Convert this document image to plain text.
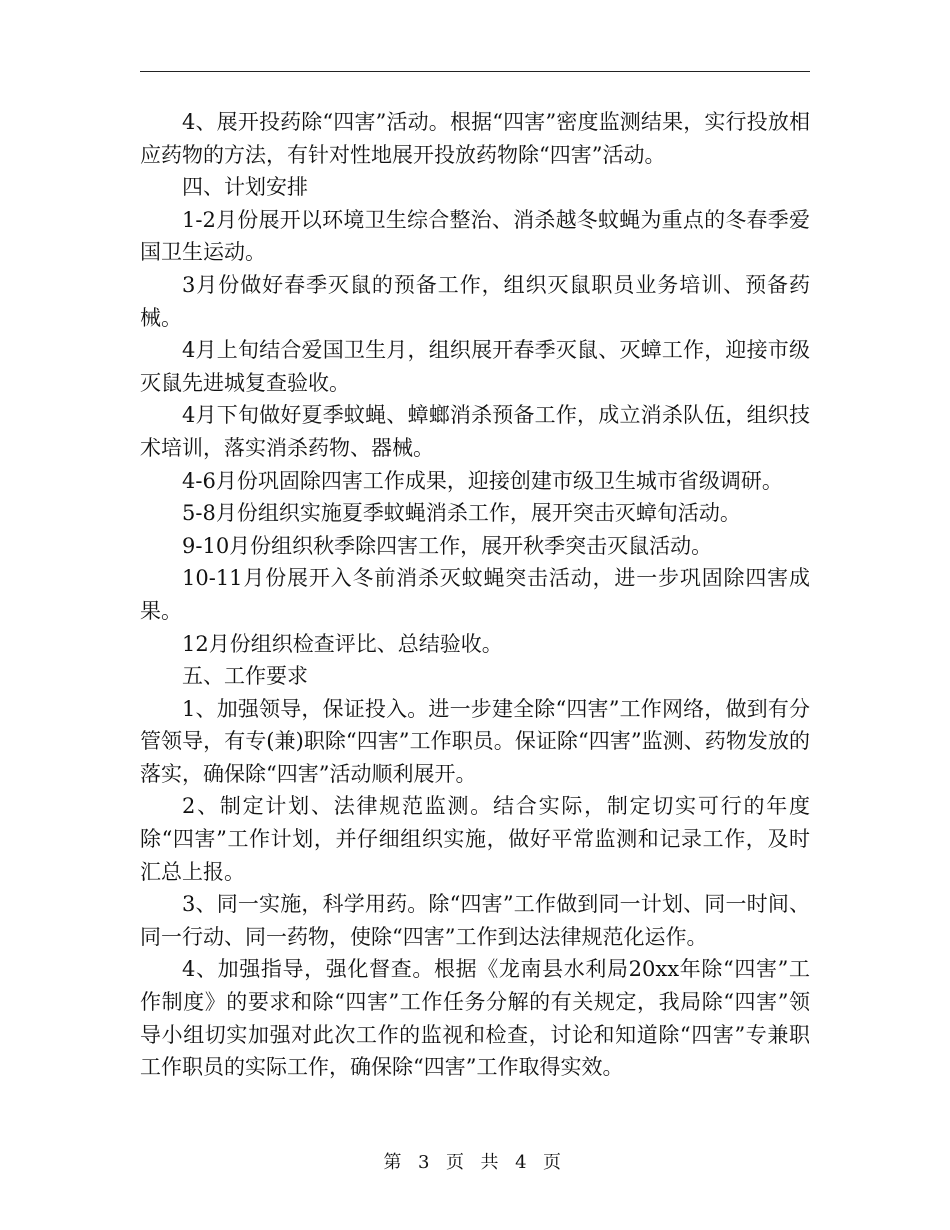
4、展开投药除“四害”活动。根据“四害”密度监测结果，实行投放相应药物的方法，有针对性地展开投放药物除“四害”活动。

四、计划安排

1-2月份展开以环境卫生综合整治、消杀越冬蚊蝇为重点的冬春季爱国卫生运动。

3月份做好春季灭鼠的预备工作，组织灭鼠职员业务培训、预备药械。

4月上旬结合爱国卫生月，组织展开春季灭鼠、灭蟑工作，迎接市级灭鼠先进城复查验收。

4月下旬做好夏季蚊蝇、蟑螂消杀预备工作，成立消杀队伍，组织技术培训，落实消杀药物、器械。

4-6月份巩固除四害工作成果，迎接创建市级卫生城市省级调研。

5-8月份组织实施夏季蚊蝇消杀工作，展开突击灭蟑旬活动。

9-10月份组织秋季除四害工作，展开秋季突击灭鼠活动。

10-11月份展开入冬前消杀灭蚊蝇突击活动，进一步巩固除四害成果。

12月份组织检查评比、总结验收。

五、工作要求

1、加强领导，保证投入。进一步建全除“四害”工作网络，做到有分管领导，有专(兼)职除“四害”工作职员。保证除“四害”监测、药物发放的落实，确保除“四害”活动顺利展开。

2、制定计划、法律规范监测。结合实际，制定切实可行的年度除“四害”工作计划，并仔细组织实施，做好平常监测和记录工作，及时汇总上报。

3、同一实施，科学用药。除“四害”工作做到同一计划、同一时间、同一行动、同一药物，使除“四害”工作到达法律规范化运作。

4、加强指导，强化督查。根据《龙南县水利局20xx年除“四害”工作制度》的要求和除“四害”工作任务分解的有关规定，我局除“四害”领导小组切实加强对此次工作的监视和检查，讨论和知道除“四害”专兼职工作职员的实际工作，确保除“四害”工作取得实效。

第 3 页 共 4 页
